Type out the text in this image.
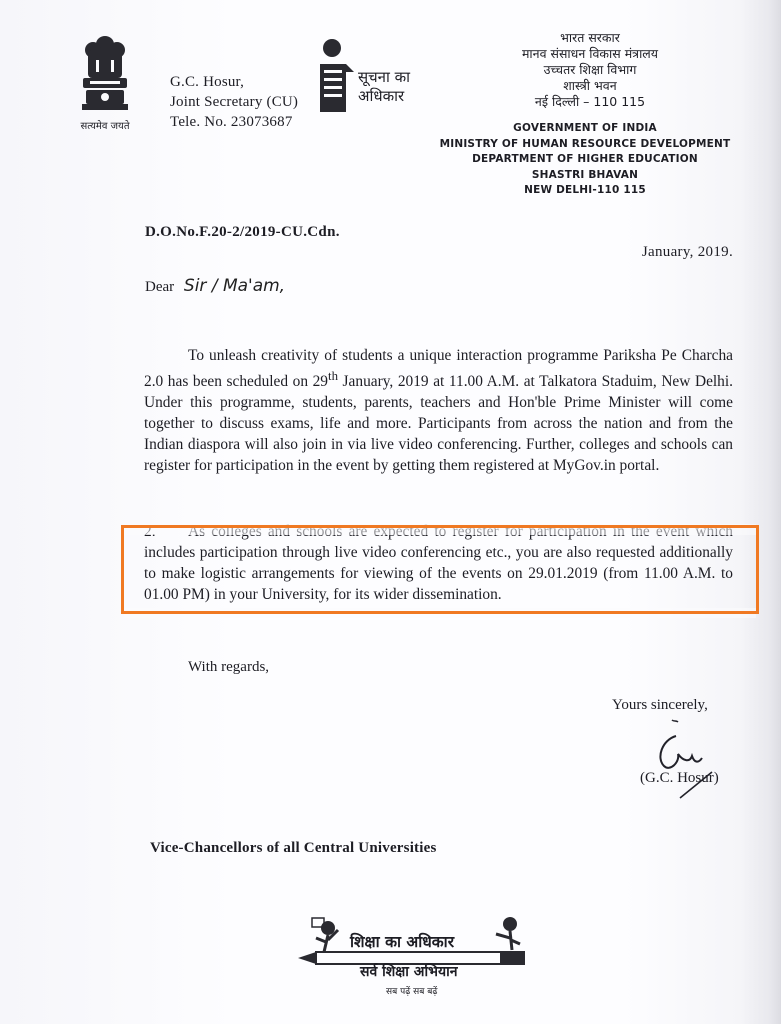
सत्यमेव जयते
G.C. Hosur,
Joint Secretary (CU)
Tele. No. 23073687
सूचना का
अधिकार
भारत सरकार
मानव संसाधन विकास मंत्रालय
उच्चतर शिक्षा विभाग
शास्त्री भवन
नई दिल्ली – 110 115
GOVERNMENT OF INDIA
MINISTRY OF HUMAN RESOURCE DEVELOPMENT
DEPARTMENT OF HIGHER EDUCATION
SHASTRI BHAVAN
NEW DELHI-110 115
D.O.No.F.20-2/2019-CU.Cdn.
January, 2019.
Dear Sir / Ma'am,
To unleash creativity of students a unique interaction programme Pariksha Pe Charcha 2.0 has been scheduled on 29th January, 2019 at 11.00 A.M. at Talkatora Staduim, New Delhi. Under this programme, students, parents, teachers and Hon'ble Prime Minister will come together to discuss exams, life and more. Participants from across the nation and from the Indian diaspora will also join in via live video conferencing. Further, colleges and schools can register for participation in the event by getting them registered at MyGov.in portal.
includes participation through live video conferencing etc., you are also requested additionally to make logistic arrangements for viewing of the events on 29.01.2019 (from 11.00 A.M. to 01.00 PM) in your University, for its wider dissemination.
With regards,
Yours sincerely,
(G.C. Hosur)
Vice-Chancellors of all Central Universities
शिक्षा का अधिकार
सर्व शिक्षा अभियान
सब पढ़ें सब बढ़ें
